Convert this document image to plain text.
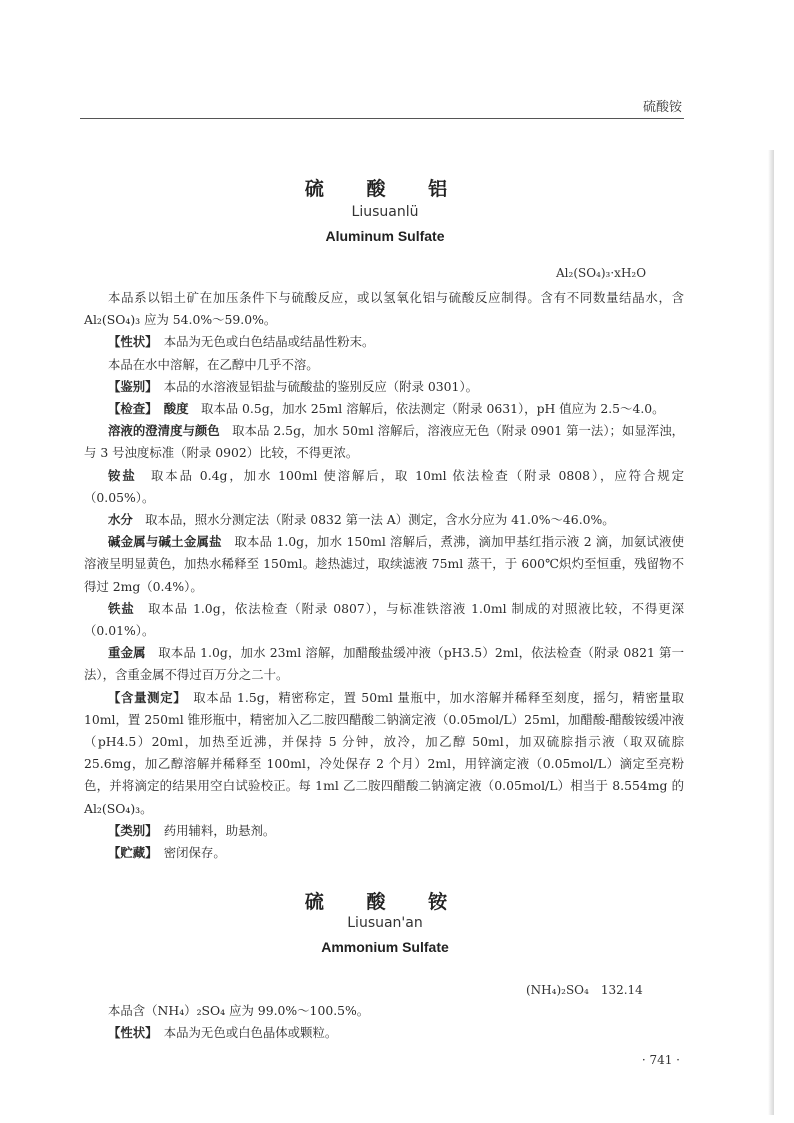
硫酸铵
硫 酸 铝
Liusuanlü
Aluminum Sulfate
Al₂(SO₄)₃·xH₂O

本品系以铝土矿在加压条件下与硫酸反应，或以氢氧化铝与硫酸反应制得。含有不同数量结晶水，含 Al₂(SO₄)₃ 应为 54.0%～59.0%。

【性状】　 本品为无色或白色结晶或结晶性粉末。

本品在水中溶解，在乙醇中几乎不溶。

【鉴别】　 本品的水溶液显铝盐与硫酸盐的鉴别反应（附录 0301）。

【检查】　 酸度　 取本品 0.5g，加水 25ml 溶解后，依法测定（附录 0631），pH 值应为 2.5～4.0。

溶液的澄清度与颜色　 取本品 2.5g，加水 50ml 溶解后，溶液应无色（附录 0901 第一法）；如显浑浊，与 3 号浊度标准（附录 0902）比较，不得更浓。

铵盐　 取本品 0.4g，加水 100ml 使溶解后，取 10ml 依法检查（附录 0808），应符合规定（0.05%）。

水分　 取本品，照水分测定法（附录 0832 第一法 A）测定，含水分应为 41.0%～46.0%。

碱金属与碱土金属盐　 取本品 1.0g，加水 150ml 溶解后，煮沸，滴加甲基红指示液 2 滴，加氨试液使溶液呈明显黄色，加热水稀释至 150ml。趁热滤过，取续滤液 75ml 蒸干，于 600℃炽灼至恒重，残留物不得过 2mg（0.4%）。

铁盐　 取本品 1.0g，依法检查（附录 0807），与标准铁溶液 1.0ml 制成的对照液比较，不得更深（0.01%）。

重金属　 取本品 1.0g，加水 23ml 溶解，加醋酸盐缓冲液（pH3.5）2ml，依法检查（附录 0821 第一法），含重金属不得过百万分之二十。

【含量测定】　 取本品 1.5g，精密称定，置 50ml 量瓶中，加水溶解并稀释至刻度，摇匀，精密量取 10ml，置 250ml 锥形瓶中，精密加入乙二胺四醋酸二钠滴定液（0.05mol/L）25ml，加醋酸-醋酸铵缓冲液（pH4.5）20ml，加热至近沸，并保持 5 分钟，放冷，加乙醇 50ml，加双硫腙指示液（取双硫腙 25.6mg，加乙醇溶解并稀释至 100ml，冷处保存 2 个月）2ml，用锌滴定液（0.05mol/L）滴定至亮粉色，并将滴定的结果用空白试验校正。每 1ml 乙二胺四醋酸二钠滴定液（0.05mol/L）相当于 8.554mg 的 Al₂(SO₄)₃。

【类别】　 药用辅料，助悬剂。

【贮藏】　 密闭保存。

硫 酸 铵
Liusuan'an
Ammonium Sulfate
(NH₄)₂SO₄　132.14

本品含（NH₄）₂SO₄ 应为 99.0%～100.5%。

【性状】　 本品为无色或白色晶体或颗粒。

· 741 ·
